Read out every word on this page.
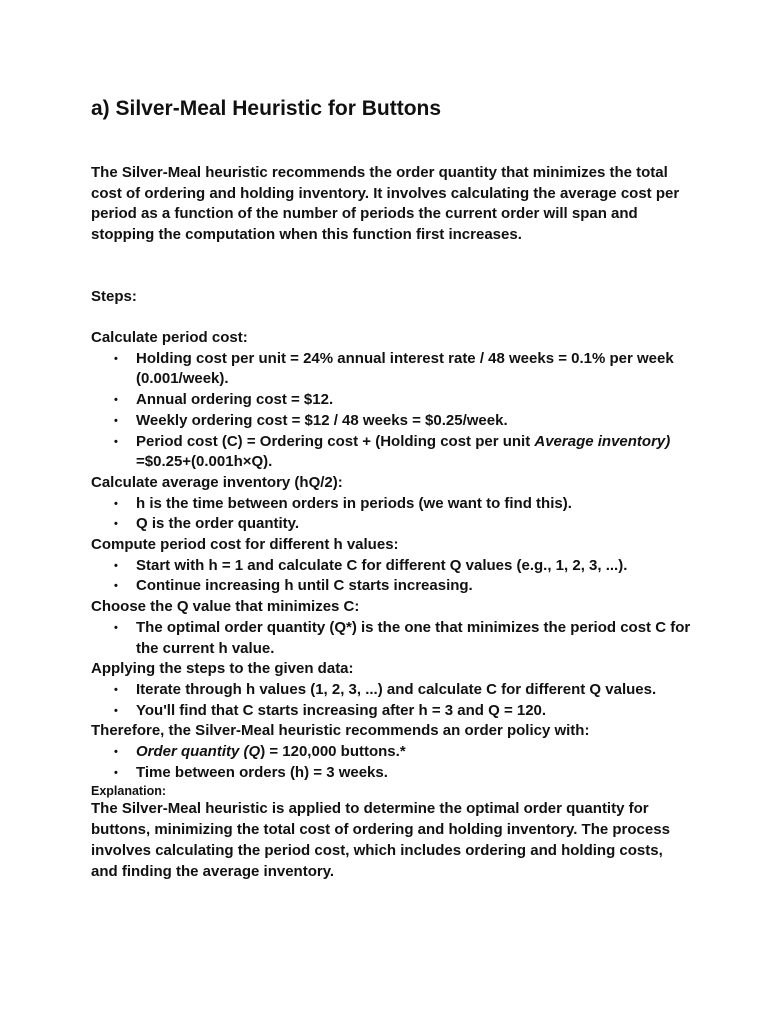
a) Silver-Meal Heuristic for Buttons

The Silver-Meal heuristic recommends the order quantity that minimizes the total cost of ordering and holding inventory. It involves calculating the average cost per period as a function of the number of periods the current order will span and stopping the computation when this function first increases.

Steps:

Calculate period cost:

• Holding cost per unit = 24% annual interest rate / 48 weeks = 0.1% per week (0.001/week).
• Annual ordering cost = $12.
• Weekly ordering cost = $12 / 48 weeks = $0.25/week.
• Period cost (C) = Ordering cost + (Holding cost per unit Average inventory) =$0.25+(0.001h×Q).

Calculate average inventory (hQ/2):

• h is the time between orders in periods (we want to find this).
• Q is the order quantity.

Compute period cost for different h values:

• Start with h = 1 and calculate C for different Q values (e.g., 1, 2, 3, ...).
• Continue increasing h until C starts increasing.

Choose the Q value that minimizes C:

• The optimal order quantity (Q*) is the one that minimizes the period cost C for the current h value.

Applying the steps to the given data:

• Iterate through h values (1, 2, 3, ...) and calculate C for different Q values.
• You'll find that C starts increasing after h = 3 and Q = 120.

Therefore, the Silver-Meal heuristic recommends an order policy with:

• Order quantity (Q) = 120,000 buttons.*
• Time between orders (h) = 3 weeks.

Explanation:

The Silver-Meal heuristic is applied to determine the optimal order quantity for buttons, minimizing the total cost of ordering and holding inventory. The process involves calculating the period cost, which includes ordering and holding costs, and finding the average inventory.
